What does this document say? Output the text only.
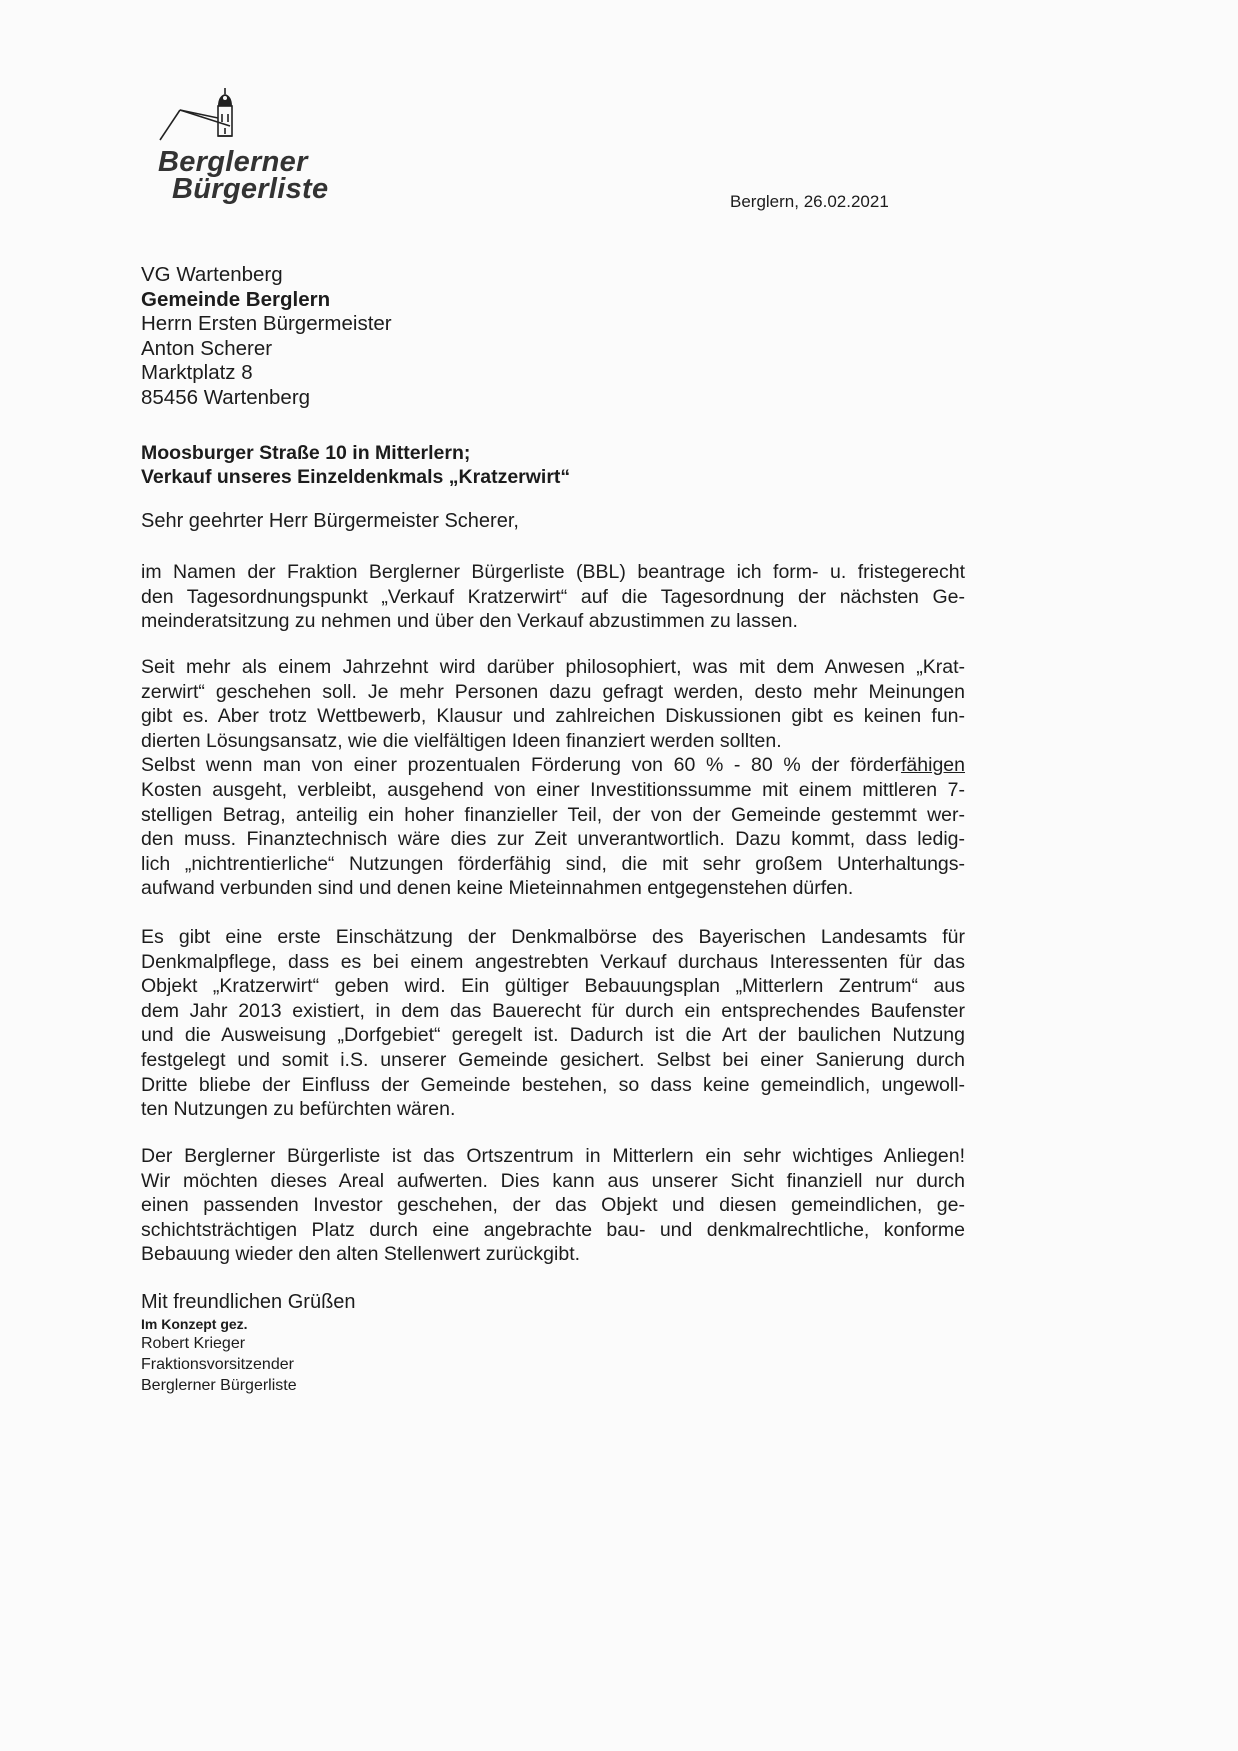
Berglerner
Bürgerliste	Berglern, 26.02.2021
VG Wartenberg
Gemeinde Berglern
Herrn Ersten Bürgermeister
Anton Scherer
Marktplatz 8
85456 Wartenberg
Moosburger Straße 10 in Mitterlern;
Verkauf unseres Einzeldenkmals „Kratzerwirt“
Sehr geehrter Herr Bürgermeister Scherer,
im Namen der Fraktion Berglerner Bürgerliste (BBL) beantrage ich form- u. fristegerecht
den Tagesordnungspunkt „Verkauf Kratzerwirt“ auf die Tagesordnung der nächsten Ge-
meinderatsitzung zu nehmen und über den Verkauf abzustimmen zu lassen.
Seit mehr als einem Jahrzehnt wird darüber philosophiert, was mit dem Anwesen „Krat-
zerwirt“ geschehen soll. Je mehr Personen dazu gefragt werden, desto mehr Meinungen
gibt es. Aber trotz Wettbewerb, Klausur und zahlreichen Diskussionen gibt es keinen fun-
dierten Lösungsansatz, wie die vielfältigen Ideen finanziert werden sollten.
Selbst wenn man von einer prozentualen Förderung von 60 % - 80 % der förderfähigen
Kosten ausgeht, verbleibt, ausgehend von einer Investitionssumme mit einem mittleren 7-
stelligen Betrag, anteilig ein hoher finanzieller Teil, der von der Gemeinde gestemmt wer-
den muss. Finanztechnisch wäre dies zur Zeit unverantwortlich. Dazu kommt, dass ledig-
lich „nichtrentierliche“ Nutzungen förderfähig sind, die mit sehr großem Unterhaltungs-
aufwand verbunden sind und denen keine Mieteinnahmen entgegenstehen dürfen.
Es gibt eine erste Einschätzung der Denkmalbörse des Bayerischen Landesamts für
Denkmalpflege, dass es bei einem angestrebten Verkauf durchaus Interessenten für das
Objekt „Kratzerwirt“ geben wird. Ein gültiger Bebauungsplan „Mitterlern Zentrum“ aus
dem Jahr 2013 existiert, in dem das Bauerecht für durch ein entsprechendes Baufenster
und die Ausweisung „Dorfgebiet“ geregelt ist. Dadurch ist die Art der baulichen Nutzung
festgelegt und somit i.S. unserer Gemeinde gesichert. Selbst bei einer Sanierung durch
Dritte bliebe der Einfluss der Gemeinde bestehen, so dass keine gemeindlich, ungewoll-
ten Nutzungen zu befürchten wären.
Der Berglerner Bürgerliste ist das Ortszentrum in Mitterlern ein sehr wichtiges Anliegen!
Wir möchten dieses Areal aufwerten. Dies kann aus unserer Sicht finanziell nur durch
einen passenden Investor geschehen, der das Objekt und diesen gemeindlichen, ge-
schichtsträchtigen Platz durch eine angebrachte bau- und denkmalrechtliche, konforme
Bebauung wieder den alten Stellenwert zurückgibt.
Mit freundlichen Grüßen
Im Konzept gez.
Robert Krieger
Fraktionsvorsitzender
Berglerner Bürgerliste
